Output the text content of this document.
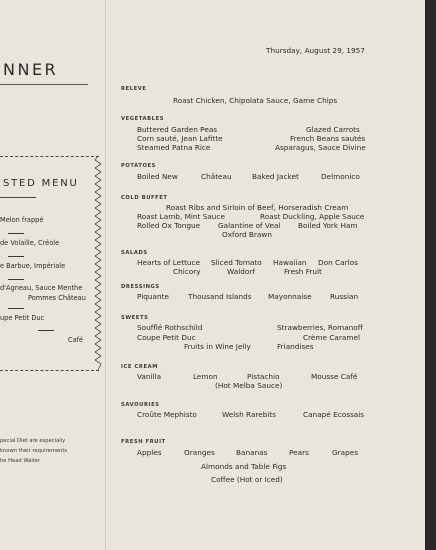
NNER
STED MENU
Melon frappé
de Volaille, Créole
e Barbue, Impériale
d'Agneau, Sauce Menthe
Pommes Château
upe Petit Duc
Café
pecial Diet are especially
known their requirements
he Head Waiter
Thursday, August 29, 1957
RELEVE
Roast Chicken, Chipolata Sauce, Game Chips
VEGETABLES
Buttered Garden Peas	Glazed Carrots
Corn sauté, Jean Lafitte	French Beans sautés
Steamed Patna Rice	Asparagus, Sauce Divine
POTATOES
Boiled New	Château	Baked Jacket	Delmonico
COLD BUFFET
Roast Ribs and Sirloin of Beef, Horseradish Cream
Roast Lamb, Mint Sauce	Roast Duckling, Apple Sauce
Rolled Ox Tongue Galantine of Veal Boiled York Ham
Oxford Brawn
SALADS
Hearts of Lettuce Sliced Tomato Hawaiian Don Carlos
Chicory	Waldorf	Fresh Fruit
DRESSINGS
Piquante	Thousand Islands Mayonnaise	Russian
SWEETS
Soufflé Rothschild	Strawberries, Romanoff
Coupe Petit Duc	Crème Caramel
Fruits in Wine Jelly	Friandises
ICE CREAM
Vanilla	Lemon	Pistachio	Mousse Café
(Hot Melba Sauce)
SAVOURIES
Croûte Mephisto	Welsh Rarebits	Canapé Ecossais
FRESH FRUIT
Apples	Oranges	Bananas	Pears	Grapes
Almonds and Table Figs
Coffee (Hot or Iced)
